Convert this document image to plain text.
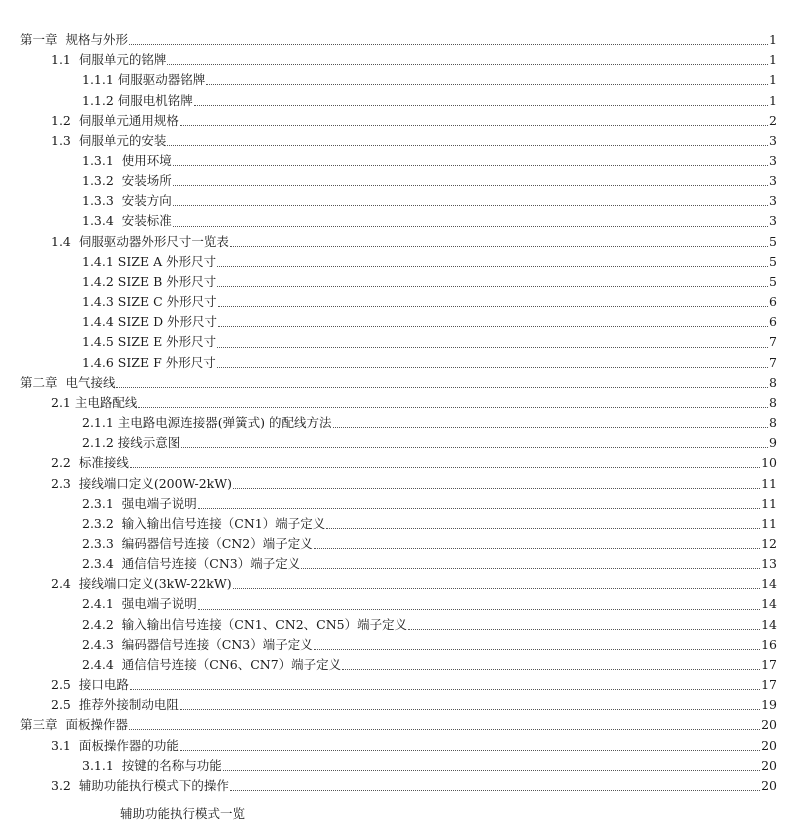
第一章 规格与外形	1
1.1 伺服单元的铭牌	1
1.1.1 伺服驱动器铭牌	1
1.1.2 伺服电机铭牌	1
1.2 伺服单元通用规格	2
1.3 伺服单元的安装	3
1.3.1 使用环境	3
1.3.2 安装场所	3
1.3.3 安装方向	3
1.3.4 安装标准	3
1.4 伺服驱动器外形尺寸一览表	5
1.4.1 SIZE A 外形尺寸	5
1.4.2 SIZE B 外形尺寸	5
1.4.3 SIZE C 外形尺寸	6
1.4.4 SIZE D 外形尺寸	6
1.4.5 SIZE E 外形尺寸	7
1.4.6 SIZE F 外形尺寸	7
第二章 电气接线	8
2.1 主电路配线	8
2.1.1 主电路电源连接器(弹簧式) 的配线方法	8
2.1.2 接线示意图	9
2.2 标准接线	10
2.3 接线端口定义(200W-2kW)	11
2.3.1 强电端子说明	11
2.3.2 输入输出信号连接（CN1）端子定义	11
2.3.3 编码器信号连接（CN2）端子定义	12
2.3.4 通信信号连接（CN3）端子定义	13
2.4 接线端口定义(3kW-22kW)	14
2.4.1 强电端子说明	14
2.4.2 输入输出信号连接（CN1、CN2、CN5）端子定义	14
2.4.3 编码器信号连接（CN3）端子定义	16
2.4.4 通信信号连接（CN6、CN7）端子定义	17
2.5 接口电路	17
2.5 推荐外接制动电阻	19
第三章 面板操作器	20
3.1 面板操作器的功能	20
3.1.1 按键的名称与功能	20
3.2 辅助功能执行模式下的操作	20
辅助功能执行模式一览
